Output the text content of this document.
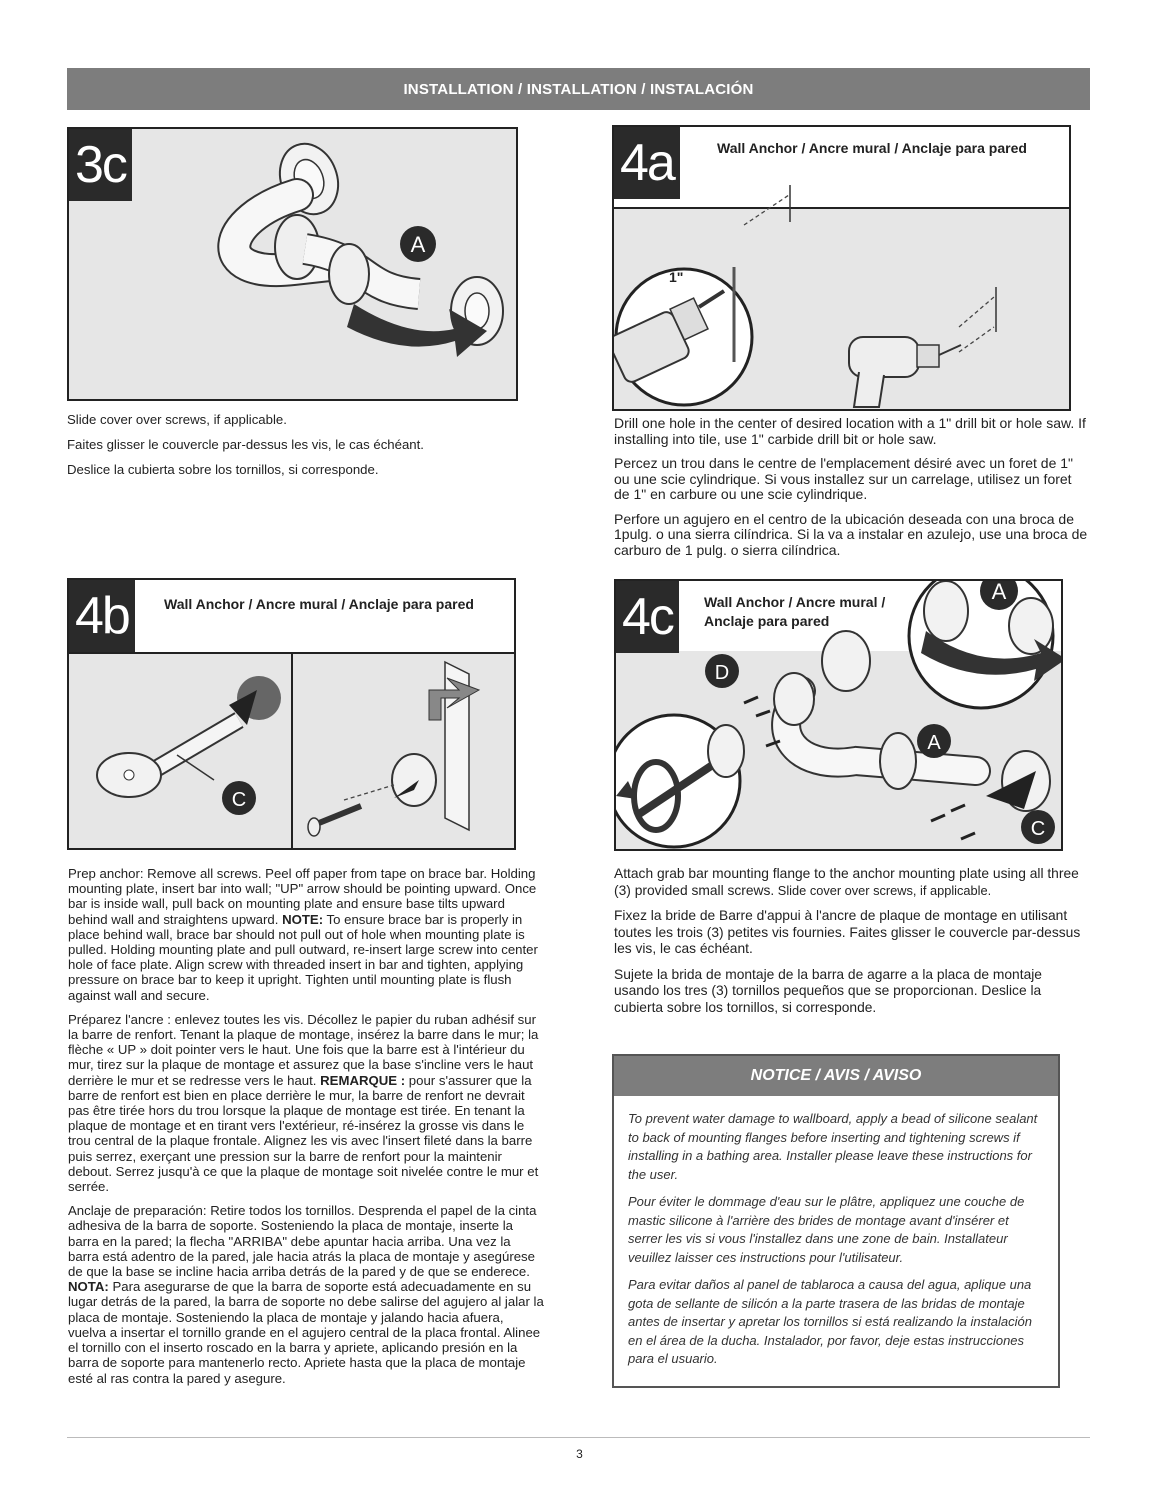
INSTALLATION / INSTALLATION / INSTALACIÓN
3c
A

Slide cover over screws, if applicable.

Faites glisser le couvercle par-dessus les vis, le cas échéant.

Deslice la cubierta sobre los tornillos, si corresponde.

4a	Wall Anchor / Ancre mural / Anclaje para pared
1"

Drill one hole in the center of desired location with a 1" drill bit or hole saw. If installing into tile, use 1" carbide drill bit or hole saw.

Percez un trou dans le centre de l'emplacement désiré avec un foret de 1" ou une scie cylindrique. Si vous installez sur un carrelage, utilisez un foret de 1" en carbure ou une scie cylindrique.

Perfore un agujero en el centro de la ubicación deseada con una broca de 1pulg. o una sierra cilíndrica. Si la va a instalar en azulejo, use una broca de carburo de 1 pulg. o sierra cilíndrica.

4b	Wall Anchor / Ancre mural / Anclaje para pared
C

Prep anchor: Remove all screws. Peel off paper from tape on brace bar. Holding mounting plate, insert bar into wall; "UP" arrow should be pointing upward. Once bar is inside wall, pull back on mounting plate and ensure base tilts upward behind wall and straightens upward. NOTE: To ensure brace bar is properly in place behind wall, brace bar should not pull out of hole when mounting plate is pulled. Holding mounting plate and pull outward, re-insert large screw into center hole of face plate. Align screw with threaded insert in bar and tighten, applying pressure on brace bar to keep it upright. Tighten until mounting plate is flush against wall and secure.

Préparez l'ancre : enlevez toutes les vis. Décollez le papier du ruban adhésif sur la barre de renfort. Tenant la plaque de montage, insérez la barre dans le mur; la flèche « UP » doit pointer vers le haut. Une fois que la barre est à l'intérieur du mur, tirez sur la plaque de montage et assurez que la base s'incline vers le haut derrière le mur et se redresse vers le haut. REMARQUE : pour s'assurer que la barre de renfort est bien en place derrière le mur, la barre de renfort ne devrait pas être tirée hors du trou lorsque la plaque de montage est tirée. En tenant la plaque de montage et en tirant vers l'extérieur, ré-insérez la grosse vis dans le trou central de la plaque frontale. Alignez les vis avec l'insert fileté dans la barre puis serrez, exerçant une pression sur la barre de renfort pour la maintenir debout. Serrez jusqu'à ce que la plaque de montage soit nivelée contre le mur et serrée.

Anclaje de preparación: Retire todos los tornillos. Desprenda el papel de la cinta adhesiva de la barra de soporte. Sosteniendo la placa de montaje, inserte la barra en la pared; la flecha "ARRIBA" debe apuntar hacia arriba. Una vez la barra está adentro de la pared, jale hacia atrás la placa de montaje y asegúrese de que la base se incline hacia arriba detrás de la pared y de que se enderece. NOTA: Para asegurarse de que la barra de soporte está adecuadamente en su lugar detrás de la pared, la barra de soporte no debe salirse del agujero al jalar la placa de montaje. Sosteniendo la placa de montaje y jalando hacia afuera, vuelva a insertar el tornillo grande en el agujero central de la placa frontal. Alinee el tornillo con el inserto roscado en la barra y apriete, aplicando presión en la barra de soporte para mantenerlo recto. Apriete hasta que la placa de montaje esté al ras contra la pared y asegure.

4c	Wall Anchor / Ancre mural / Anclaje para pared
A
D
A
C

Attach grab bar mounting flange to the anchor mounting plate using all three (3) provided small screws. Slide cover over screws, if applicable.

Fixez la bride de Barre d'appui à l'ancre de plaque de montage en utilisant toutes les trois (3) petites vis fournies. Faites glisser le couvercle par-dessus les vis, le cas échéant.

Sujete la brida de montaje de la barra de agarre a la placa de montaje usando los tres (3) tornillos pequeños que se proporcionan. Deslice la cubierta sobre los tornillos, si corresponde.

NOTICE / AVIS / AVISO

To prevent water damage to wallboard, apply a bead of silicone sealant to back of mounting flanges before inserting and tightening screws if installing in a bathing area. Installer please leave these instructions for the user.

Pour éviter le dommage d'eau sur le plâtre, appliquez une couche de mastic silicone à l'arrière des brides de montage avant d'insérer et serrer les vis si vous l'installez dans une zone de bain. Installateur veuillez laisser ces instructions pour l'utilisateur.

Para evitar daños al panel de tablaroca a causa del agua, aplique una gota de sellante de silicón a la parte trasera de las bridas de montaje antes de insertar y apretar los tornillos si está realizando la instalación en el área de la ducha. Instalador, por favor, deje estas instrucciones para el usuario.

3
